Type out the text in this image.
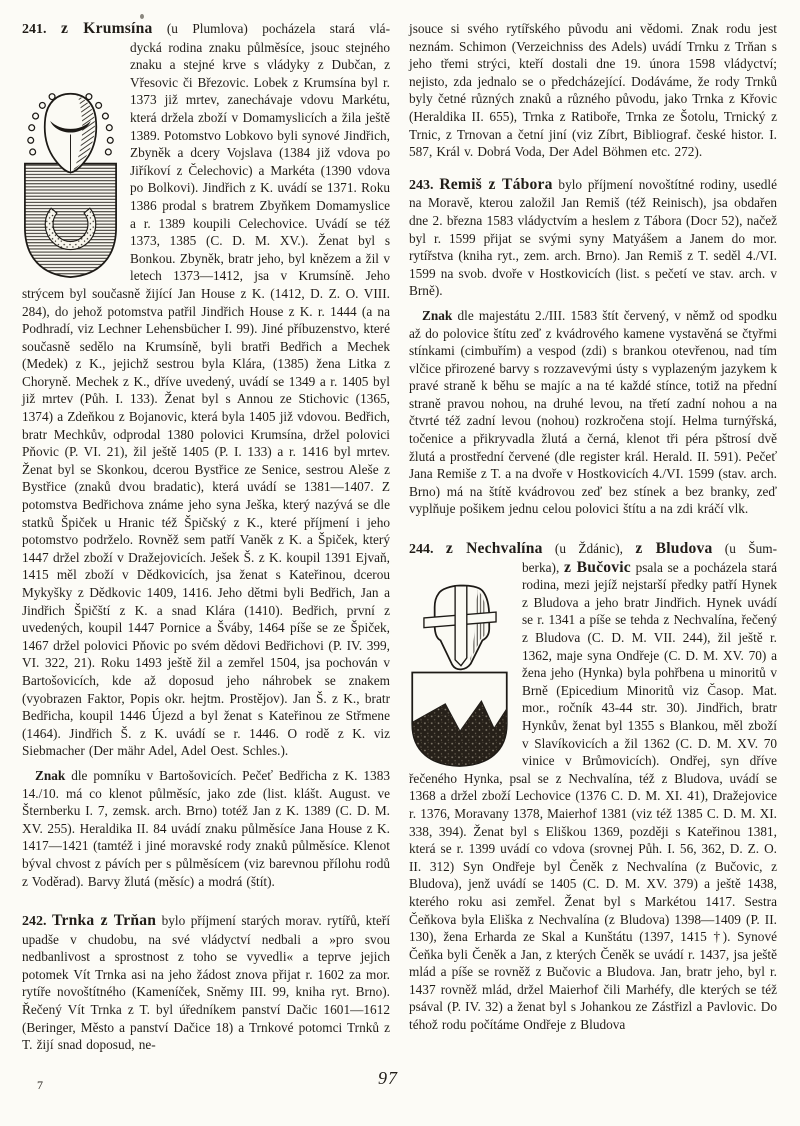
241. z Krumsína (u Plumlova) pocházela stará vlá-

dycká rodina znaku půlměsíce, jsouc stejného znaku a stejné krve s vládyky z Dubčan, z Vřesovic či Březovic. Lobek z Krumsína byl r. 1373 již mrtev, zanechávaje vdovu Markétu, která držela zboží v Domamyslicích a žila ještě 1389. Potomstvo Lobkovo byli synové Jindřich, Zbyněk a dcery Vojslava (1384 již vdova po Jiříkoví z Čelechovic) a Markéta (1390 vdova po Bolkovi). Jindřich z K. uvádí se 1371. Roku 1386 prodal s bratrem Zbyňkem Domamyslice a r. 1389 koupili Celechovice. Uvádí se též 1373, 1385 (C. D. M. XV.). Ženat byl s Bonkou. Zbyněk, bratr jeho, byl knězem a žil v letech 1373—1412, jsa v Krumsíně. Jeho strýcem byl současně žijící Jan House z K. (1412, D. Z. O. VIII. 284), do jehož potomstva patřil Jindřich House z K. r. 1444 (a na Podhradí, viz Lechner Lehensbücher I. 99). Jiné příbuzenstvo, které současně sedělo na Krumsíně, byli bratři Bedřich a Mechek (Medek) z K., jejichž sestrou byla Klára, (1385) žena Litka z Choryně. Mechek z K., dříve uvedený, uvádí se 1349 a r. 1405 byl již mrtev (Půh. I. 133). Ženat byl s Annou ze Stichovic (1365, 1374) a Zdeňkou z Bojanovic, která byla 1405 již vdovou. Bedřich, bratr Mechkův, odprodal 1380 polovici Krumsína, držel polovici Pňovic (P. VI. 21), žil ještě 1405 (P. I. 133) a r. 1416 byl mrtev. Ženat byl se Skonkou, dcerou Bystřice ze Senice, sestrou Aleše z Bystřice (znaků dvou bradatic), která uvádí se 1381—1407. Z potomstva Bedřichova známe jeho syna Ješka, který nazývá se dle statků Špiček u Hranic též Špičský z K., které příjmení i jeho potomstvo podrželo. Rovněž sem patří Vaněk z K. a Špiček, který 1447 držel zboží v Dražejovicích. Ješek Š. z K. koupil 1391 Ejvaň, 1415 měl zboží v Dědkovicích, jsa ženat s Kateřinou, dcerou Mykyšky z Dědkovic 1409, 1416. Jeho dětmi byli Bedřich, Jan a Jindřich Špičští z K. a snad Klára (1410). Bedřich, první z uvedených, koupil 1447 Pornice a Šváby, 1464 píše se ze Špiček, 1467 držel polovici Pňovic po svém dědovi Bedřichovi (P. IV. 399, VI. 322, 21). Roku 1493 ještě žil a zemřel 1504, jsa pochován v Bartošovicích, kde až doposud jeho náhrobek se znakem (vyobrazen Faktor, Popis okr. hejtm. Prostějov). Jan Š. z K., bratr Bedřicha, koupil 1446 Újezd a byl ženat s Kateřinou ze Střmene (1464). Jindřich Š. z K. uvádí se r. 1446. O rodě z K. viz Siebmacher (Der mähr Adel, Adel Oest. Schles.).

Znak dle pomníku v Bartošovicích. Pečeť Bedřicha z K. 1383 14./10. má co klenot půlměsíc, jako zde (list. klášt. August. ve Šternberku I. 7, zemsk. arch. Brno) totéž Jan z K. 1389 (C. D. M. XV. 255). Heraldika II. 84 uvádí znaku půlměsíce Jana House z K. 1417—1421 (tamtéž i jiné moravské rody znaků půlměsíce. Klenot býval chvost z pávích per s půlměsícem (viz barevnou přílohu rodů z Voděrad). Barvy žlutá (měsíc) a modrá (štít).

242. Trnka z Trňan bylo příjmení starých morav. rytířů, kteří upadše v chudobu, na své vládyctví nedbali a »pro svou nedbanlivost a sprostnost z toho se vyvedli« a teprve jejich potomek Vít Trnka asi na jeho žádost znova přijat r. 1602 za mor. rytíře novoštítného (Kameníček, Sněmy III. 99, kniha ryt. Brno). Řečený Vít Trnka z T. byl úředníkem panství Dačic 1601—1612 (Beringer, Město a panství Dačice 18) a Trnkové potomci Trnků z T. žijí snad doposud, ne-

jsouce si svého rytířského původu ani vědomi. Znak rodu jest neznám. Schimon (Verzeichniss des Adels) uvádí Trnku z Trňan s jeho třemi strýci, kteří dostali dne 19. února 1598 vládyctví; nejisto, zda jednalo se o předcházející. Dodáváme, že rody Trnků byly četné různých znaků a různého původu, jako Trnka z Křovic (Heraldika II. 655), Trnka z Ratiboře, Trnka ze Šotolu, Trnický z Trnic, z Trnovan a četní jiní (viz Zíbrt, Bibliograf. české histor. I. 587, Král v. Dobrá Voda, Der Adel Böhmen etc. 272).

243. Remiš z Tábora bylo příjmení novoštítné rodiny, usedlé na Moravě, kterou založil Jan Remiš (též Reinisch), jsa obdařen dne 2. března 1583 vládyctvím a heslem z Tábora (Docr 52), načež byl r. 1599 přijat se svými syny Matyášem a Janem do mor. rytířstva (kniha ryt., zem. arch. Brno). Jan Remiš z T. seděl 4./VI. 1599 na svob. dvoře v Hostkovicích (list. s pečetí ve stav. arch. v Brně).

Znak dle majestátu 2./III. 1583 štít červený, v němž od spodku až do polovice štítu zeď z kvádrového kamene vystavěná se čtyřmi stínkami (cimbuřím) a vespod (zdi) s brankou otevřenou, nad tím vlčice přirozené barvy s rozzavevými ústy s vyplazeným jazykem k pravé straně k běhu se majíc a na té každé stínce, totiž na přední straně pravou nohou, na druhé levou, na třetí zadní nohou a na čtvrté též zadní levou (nohou) rozkročena stojí. Helma turnýřská, točenice a přikryvadla žlutá a černá, klenot tři péra pštrosí dvě žlutá a prostřední červené (dle register král. Herald. II. 591). Pečeť Jana Remiše z T. a na dvoře v Hostkovicích 4./VI. 1599 (stav. arch. Brno) má na štítě kvádrovou zeď bez stínek a bez branky, zeď vyplňuje pošikem jednu celou polovici štítu a na zdi kráčí vlk.

244. z Nechvalína (u Ždánic), z Bludova (u Šum-

berka), z Bučovic psala se a pocházela stará rodina, mezi jejíž nejstarší předky patří Hynek z Bludova a jeho bratr Jindřich. Hynek uvádí se r. 1341 a píše se tehda z Nechvalína, řečený z Bludova (C. D. M. VII. 244), žil ještě r. 1362, maje syna Ondřeje (C. D. M. XV. 70) a žena jeho (Hynka) byla pohřbena u minoritů v Brně (Epicedium Minoritů viz Časop. Mat. mor., ročník 43-44 str. 30). Jindřich, bratr Hynkův, ženat byl 1355 s Blankou, měl zboží v Slavíkovicích a žil 1362 (C. D. M. XV. 70 vinice v Brůmovicích). Ondřej, syn dříve řečeného Hynka, psal se z Nechvalína, též z Bludova, uvádí se 1368 a držel zboží Lechovice (1376 C. D. M. XI. 41), Dražejovice r. 1376, Moravany 1378, Maierhof 1381 (viz též 1385 C. D. M. XI. 338, 394). Ženat byl s Eliškou 1369, později s Kateřinou 1381, která se r. 1399 uvádí co vdova (srovnej Půh. I. 56, 362, D. Z. O. II. 312) Syn Ondřeje byl Čeněk z Nechvalína (z Bučovic, z Bludova), jenž uvádí se 1405 (C. D. M. XV. 379) a ještě 1438, kterého roku asi zemřel. Ženat byl s Markétou 1417. Sestra Čeňkova byla Eliška z Nechvalína (z Bludova) 1398—1409 (P. II. 130), žena Erharda ze Skal a Kunštátu (1397, 1415 †). Synové Čeňka byli Čeněk a Jan, z kterých Čeněk se uvádí r. 1437, jsa ještě mlád a píše se rovněž z Bučovic a Bludova. Jan, bratr jeho, byl r. 1437 rovněž mlád, držel Maierhof čili Marhéfy, dle kterých se též psával (P. IV. 32) a ženat byl s Johankou ze Zástřizl a Pavlovic. Do téhož rodu počítáme Ondřeje z Bludova

7	97
